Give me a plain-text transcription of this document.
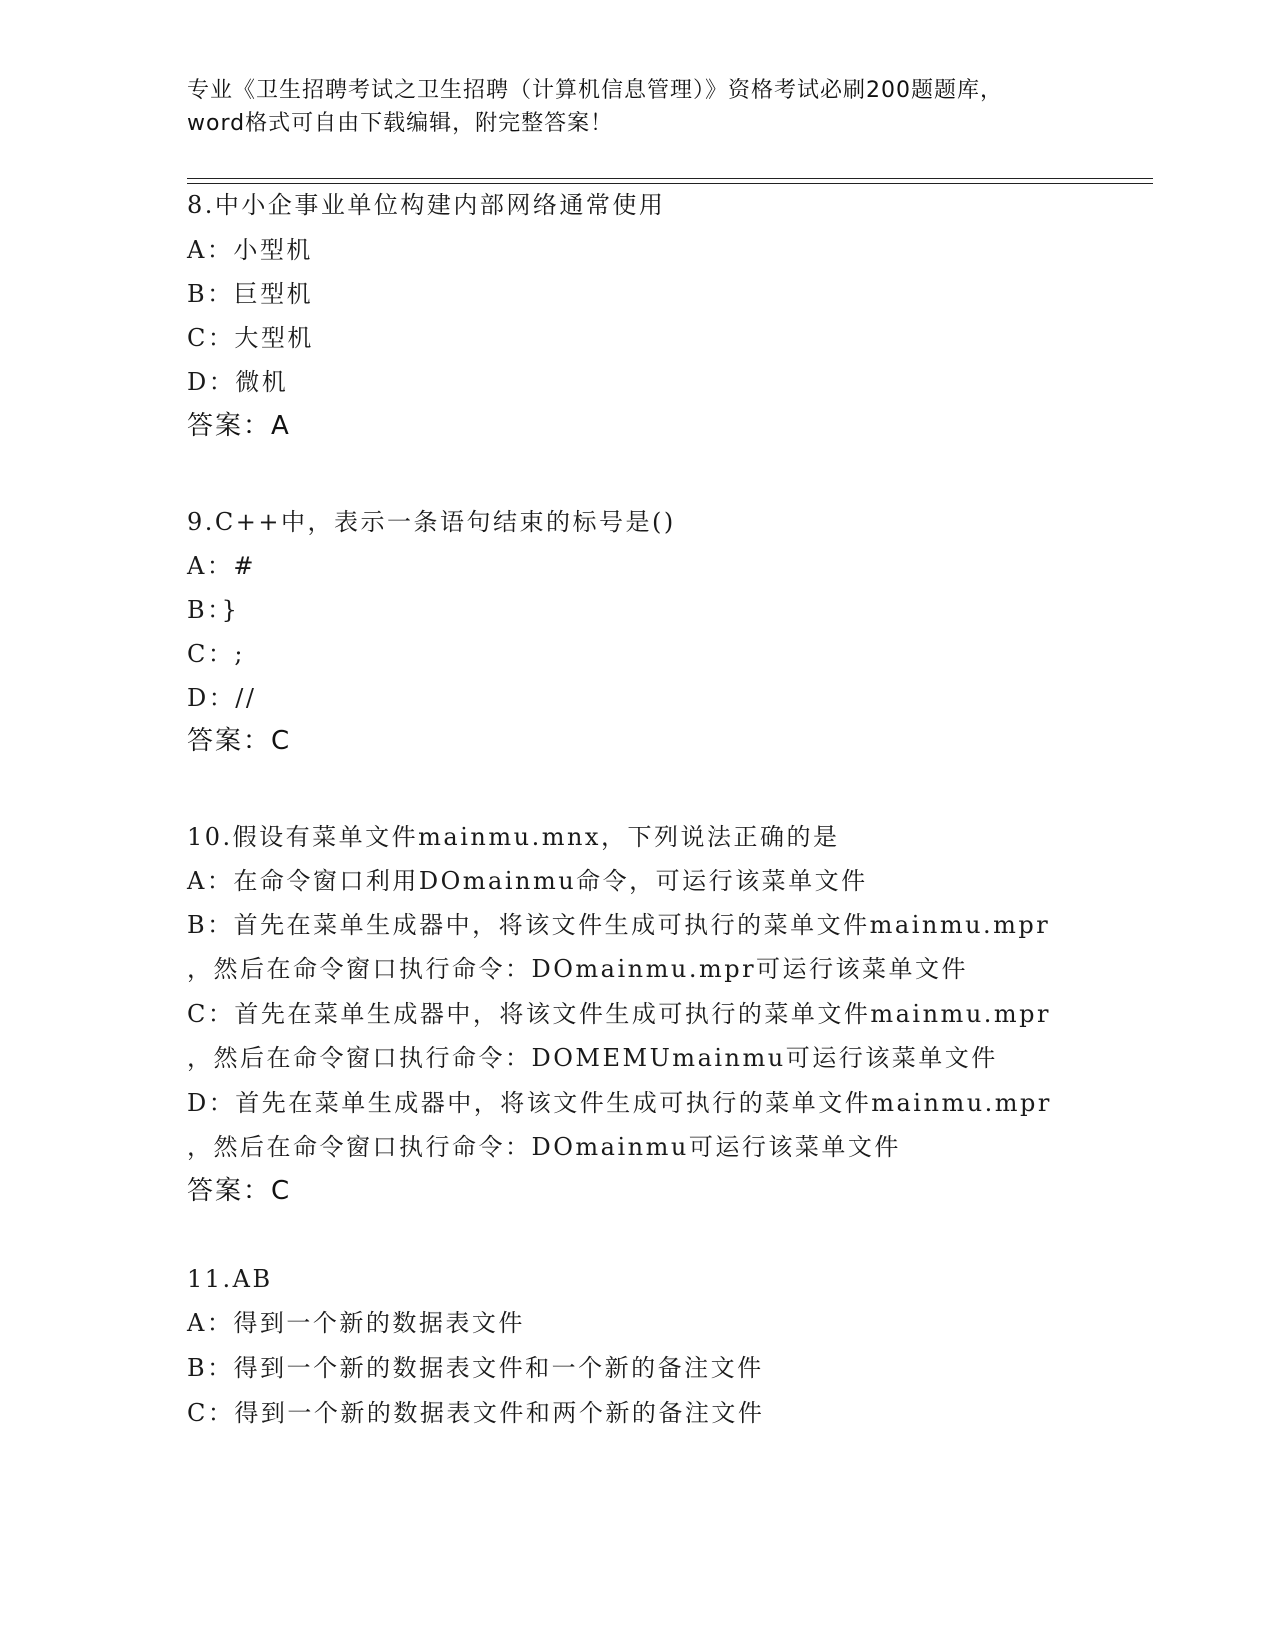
专业《卫生招聘考试之卫生招聘（计算机信息管理）》资格考试必刷200题题库，
word格式可自由下载编辑，附完整答案！
8.中小企事业单位构建内部网络通常使用
A：小型机
B：巨型机
C：大型机
D：微机
答案：A
9.C++中，表示一条语句结束的标号是()
A：#
B：}
C：;
D：//
答案：C
10.假设有菜单文件mainmu.mnx，下列说法正确的是
A：在命令窗口利用DOmainmu命令，可运行该菜单文件
B：首先在菜单生成器中，将该文件生成可执行的菜单文件mainmu.mpr
，然后在命令窗口执行命令：DOmainmu.mpr可运行该菜单文件
C：首先在菜单生成器中，将该文件生成可执行的菜单文件mainmu.mpr
，然后在命令窗口执行命令：DOMEMUmainmu可运行该菜单文件
D：首先在菜单生成器中，将该文件生成可执行的菜单文件mainmu.mpr
，然后在命令窗口执行命令：DOmainmu可运行该菜单文件
答案：C
11.AB
A：得到一个新的数据表文件
B：得到一个新的数据表文件和一个新的备注文件
C：得到一个新的数据表文件和两个新的备注文件
